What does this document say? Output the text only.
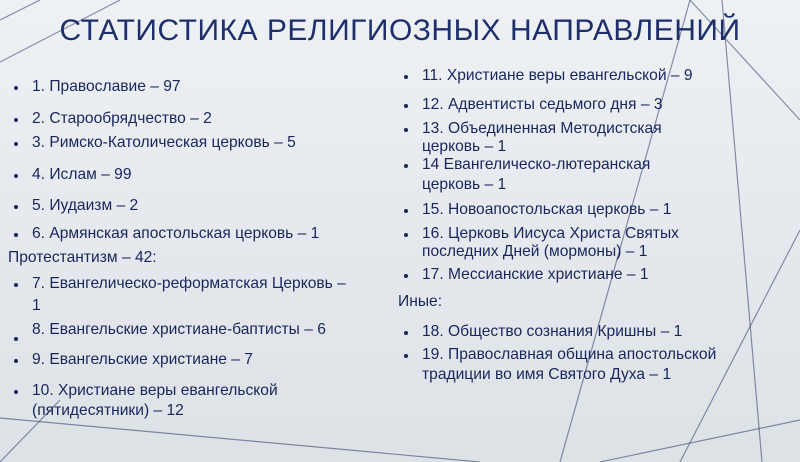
СТАТИСТИКА РЕЛИГИОЗНЫХ НАПРАВЛЕНИЙ
1. Православие – 97
2. Старообрядчество – 2
3. Римско-Католическая церковь – 5
4. Ислам – 99
5. Иудаизм – 2
6. Армянская апостольская церковь – 1
Протестантизм – 42:
7. Евангелическо-реформатская Церковь –
1
8. Евангельские христиане-баптисты – 6
9. Евангельские христиане – 7
10. Христиане веры евангельской
(пятидесятники) – 12
11. Христиане веры евангельской – 9
12. Адвентисты седьмого дня – 3
13. Объединенная Методистская
церковь – 1
14 Евангелическо-лютеранская
церковь – 1
15. Новоапостольская церковь – 1
16. Церковь Иисуса Христа Святых
последних Дней (мормоны) – 1
17. Мессианские христиане – 1
Иные:
18. Общество сознания Кришны – 1
19. Православная община апостольской
традиции во имя Святого Духа – 1
